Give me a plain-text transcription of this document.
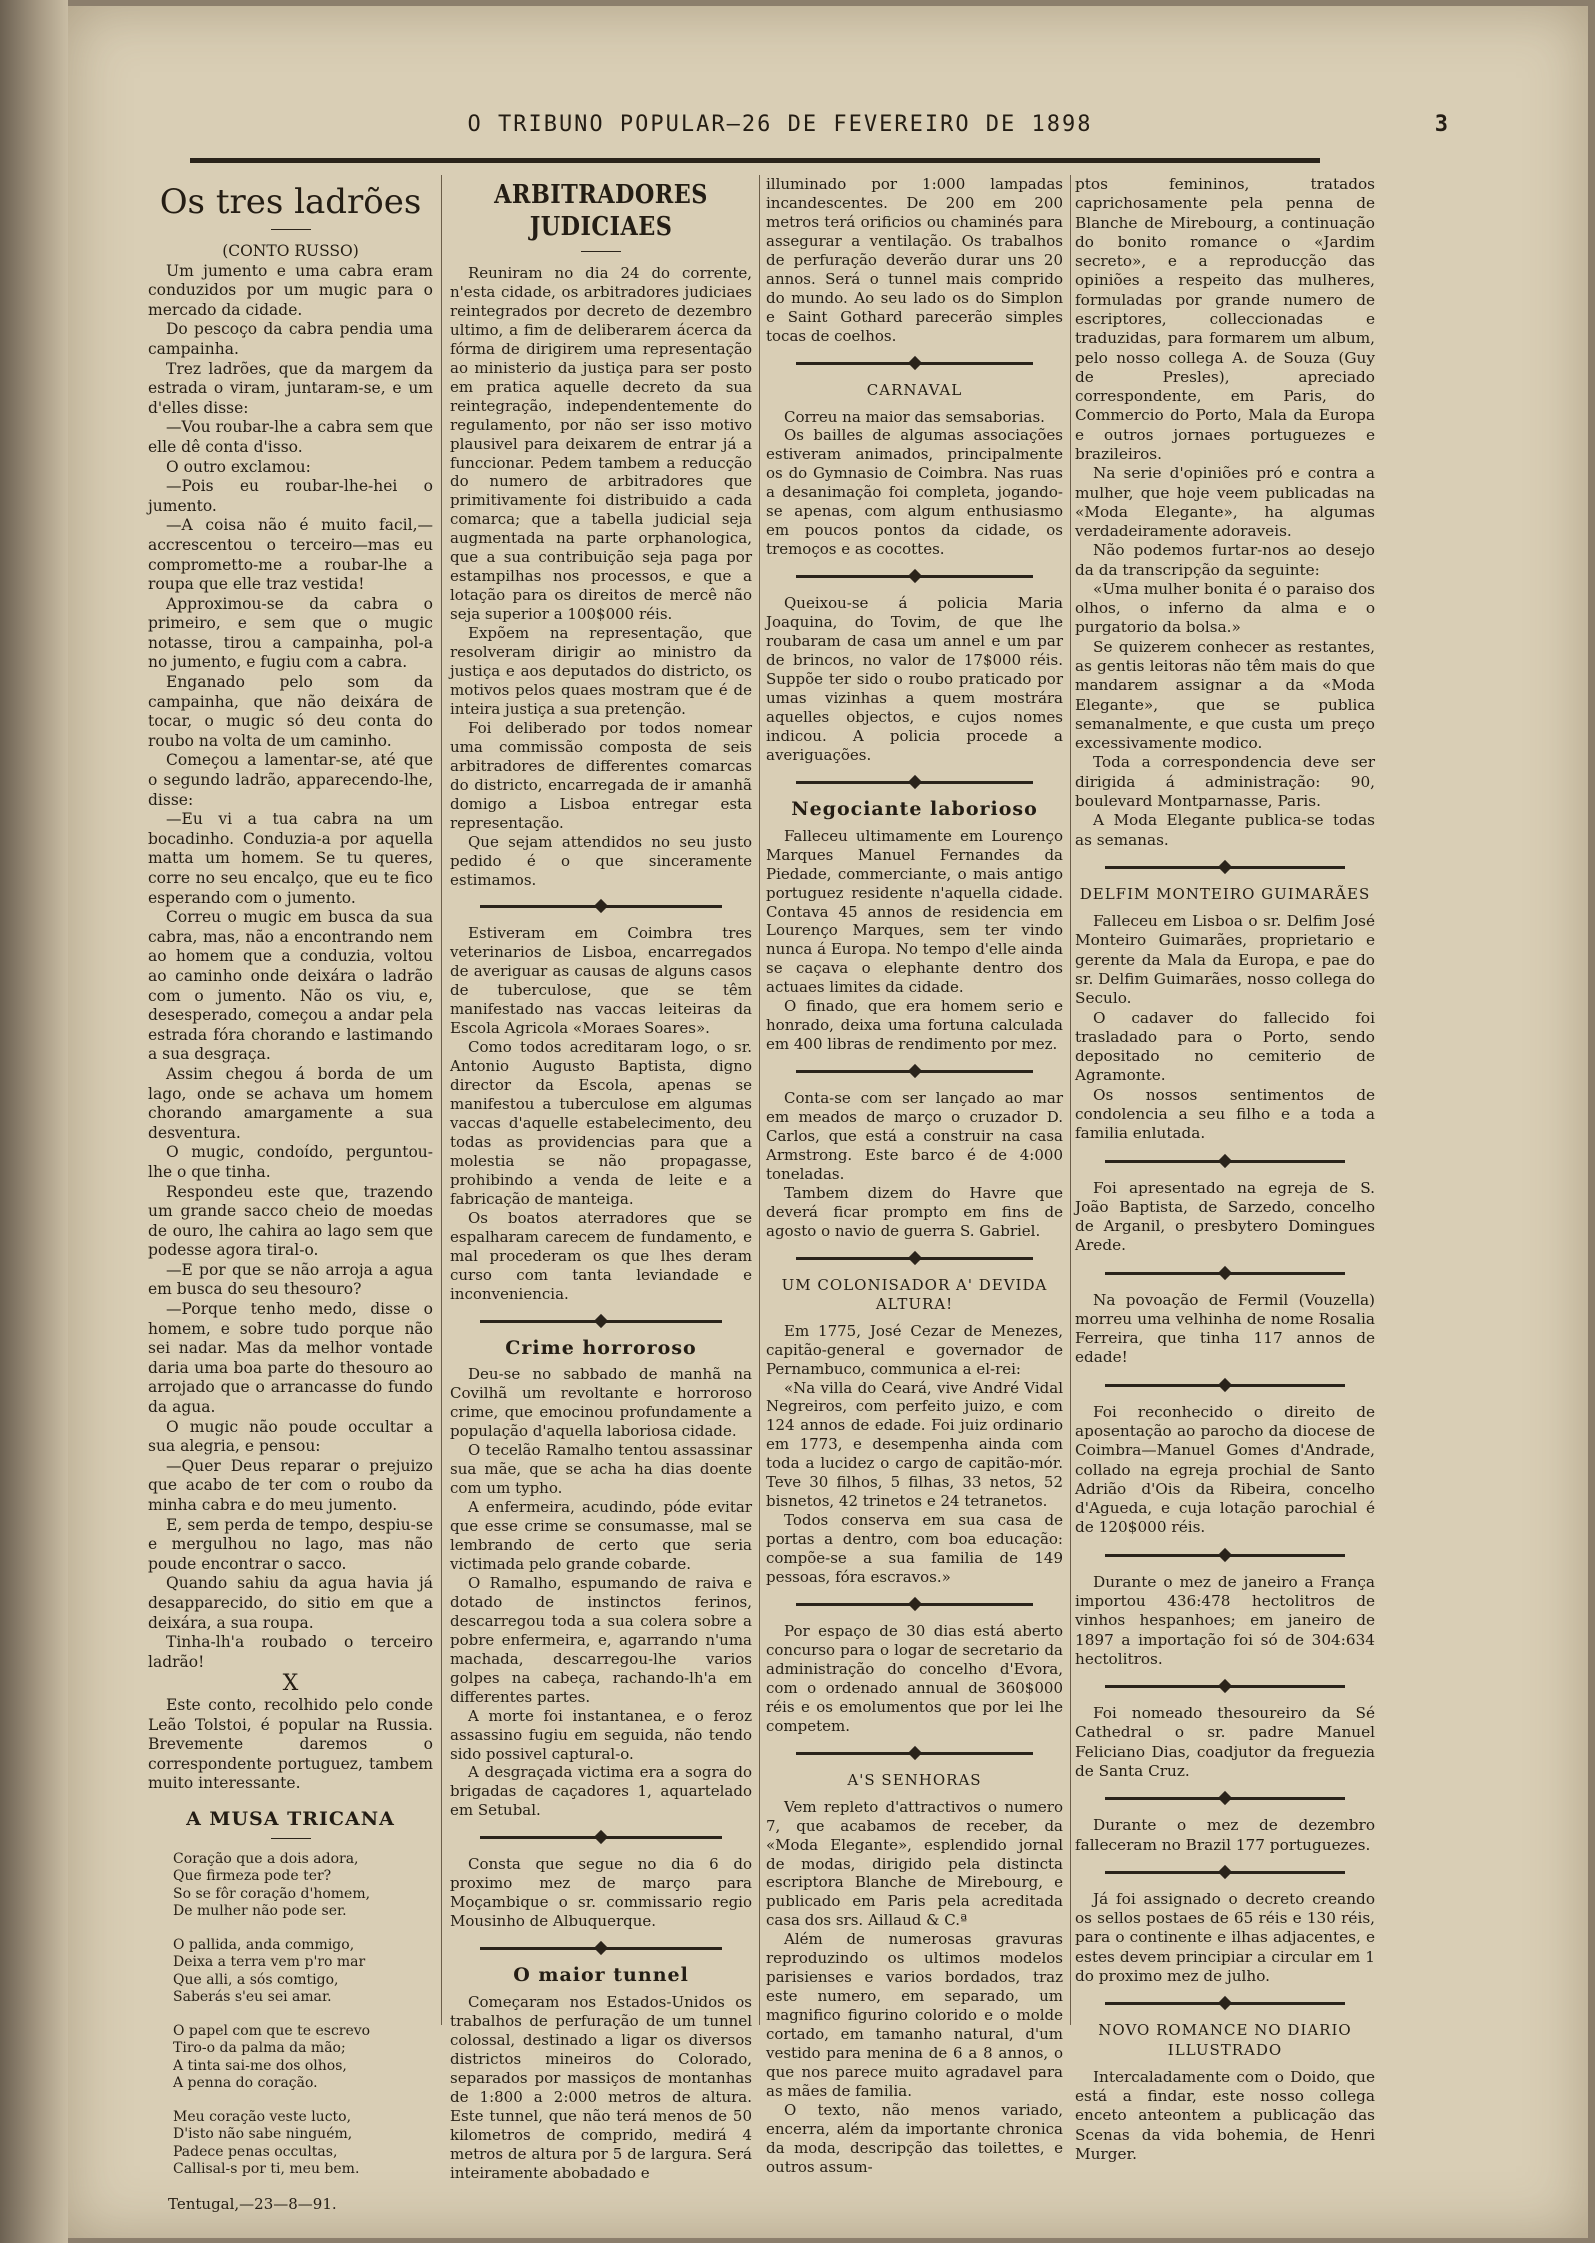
O TRIBUNO POPULAR—26 DE FEVEREIRO DE 1898	3
Os tres ladrões

(CONTO RUSSO)

Um jumento e uma cabra eram conduzidos por um mugic para o mercado da cidade.

Do pescoço da cabra pendia uma campainha.

Trez ladrões, que da margem da estrada o viram, juntaram-se, e um d'elles disse:

—Vou roubar-lhe a cabra sem que elle dê conta d'isso.

O outro exclamou:

—Pois eu roubar-lhe-hei o jumento.

—A coisa não é muito facil,—accrescentou o terceiro—mas eu comprometto-me a roubar-lhe a roupa que elle traz vestida!

Approximou-se da cabra o primeiro, e sem que o mugic notasse, tirou a campainha, pol-a no jumento, e fugiu com a cabra.

Enganado pelo som da campainha, que não deixára de tocar, o mugic só deu conta do roubo na volta de um caminho.

Começou a lamentar-se, até que o segundo ladrão, apparecendo-lhe, disse:

—Eu vi a tua cabra na um bocadinho. Conduzia-a por aquella matta um homem. Se tu queres, corre no seu encalço, que eu te fico esperando com o jumento.

Correu o mugic em busca da sua cabra, mas, não a encontrando nem ao homem que a conduzia, voltou ao caminho onde deixára o ladrão com o jumento. Não os viu, e, desesperado, começou a andar pela estrada fóra chorando e lastimando a sua desgraça.

Assim chegou á borda de um lago, onde se achava um homem chorando amargamente a sua desventura.

O mugic, condoído, perguntou-lhe o que tinha.

Respondeu este que, trazendo um grande sacco cheio de moedas de ouro, lhe cahira ao lago sem que podesse agora tiral-o.

—E por que se não arroja a agua em busca do seu thesouro?

—Porque tenho medo, disse o homem, e sobre tudo porque não sei nadar. Mas da melhor vontade daria uma boa parte do thesouro ao arrojado que o arrancasse do fundo da agua.

O mugic não poude occultar a sua alegria, e pensou:

—Quer Deus reparar o prejuizo que acabo de ter com o roubo da minha cabra e do meu jumento.

E, sem perda de tempo, despiu-se e mergulhou no lago, mas não poude encontrar o sacco.

Quando sahiu da agua havia já desapparecido, do sitio em que a deixára, a sua roupa.

Tinha-lh'a roubado o terceiro ladrão!

X

Este conto, recolhido pelo conde Leão Tolstoi, é popular na Russia. Brevemente daremos o correspondente portuguez, tambem muito interessante.

A MUSA TRICANA
Coração que a dois adora,
Que firmeza pode ter?
So se fôr coração d'homem,
De mulher não pode ser.
O pallida, anda commigo,
Deixa a terra vem p'ro mar
Que alli, a sós comtigo,
Saberás s'eu sei amar.
O papel com que te escrevo
Tiro-o da palma da mão;
A tinta sai-me dos olhos,
A penna do coração.
Meu coração veste lucto,
D'isto não sabe ninguém,
Padece penas occultas,
Callisal-s por ti, meu bem.
Tentugal,—23—8—91.
ARBITRADORES JUDICIAES

Reuniram no dia 24 do corrente, n'esta cidade, os arbitradores judiciaes reintegrados por decreto de dezembro ultimo, a fim de deliberarem ácerca da fórma de dirigirem uma representação ao ministerio da justiça para ser posto em pratica aquelle decreto da sua reintegração, independentemente do regulamento, por não ser isso motivo plausivel para deixarem de entrar já a funccionar. Pedem tambem a reducção do numero de arbitradores que primitivamente foi distribuido a cada comarca; que a tabella judicial seja augmentada na parte orphanologica, que a sua contribuição seja paga por estampilhas nos processos, e que a lotação para os direitos de mercê não seja superior a 100$000 réis.

Expõem na representação, que resolveram dirigir ao ministro da justiça e aos deputados do districto, os motivos pelos quaes mostram que é de inteira justiça a sua pretenção.

Foi deliberado por todos nomear uma commissão composta de seis arbitradores de differentes comarcas do districto, encarregada de ir amanhã domigo a Lisboa entregar esta representação.

Que sejam attendidos no seu justo pedido é o que sinceramente estimamos.

Estiveram em Coimbra tres veterinarios de Lisboa, encarregados de averiguar as causas de alguns casos de tuberculose, que se têm manifestado nas vaccas leiteiras da Escola Agricola «Moraes Soares».

Como todos acreditaram logo, o sr. Antonio Augusto Baptista, digno director da Escola, apenas se manifestou a tuberculose em algumas vaccas d'aquelle estabelecimento, deu todas as providencias para que a molestia se não propagasse, prohibindo a venda de leite e a fabricação de manteiga.

Os boatos aterradores que se espalharam carecem de fundamento, e mal procederam os que lhes deram curso com tanta leviandade e inconveniencia.

Crime horroroso

Deu-se no sabbado de manhã na Covilhã um revoltante e horroroso crime, que emocinou profundamente a população d'aquella laboriosa cidade.

O tecelão Ramalho tentou assassinar sua mãe, que se acha ha dias doente com um typho.

A enfermeira, acudindo, póde evitar que esse crime se consumasse, mal se lembrando de certo que seria victimada pelo grande cobarde.

O Ramalho, espumando de raiva e dotado de instinctos ferinos, descarregou toda a sua colera sobre a pobre enfermeira, e, agarrando n'uma machada, descarregou-lhe varios golpes na cabeça, rachando-lh'a em differentes partes.

A morte foi instantanea, e o feroz assassino fugiu em seguida, não tendo sido possivel captural-o.

A desgraçada victima era a sogra do brigadas de caçadores 1, aquartelado em Setubal.

Consta que segue no dia 6 do proximo mez de março para Moçambique o sr. commissario regio Mousinho de Albuquerque.

O maior tunnel

Começaram nos Estados-Unidos os trabalhos de perfuração de um tunnel colossal, destinado a ligar os diversos districtos mineiros do Colorado, separados por massiços de montanhas de 1:800 a 2:000 metros de altura. Este tunnel, que não terá menos de 50 kilometros de comprido, medirá 4 metros de altura por 5 de largura. Será inteiramente abobadado e

illuminado por 1:000 lampadas incandescentes. De 200 em 200 metros terá orificios ou chaminés para assegurar a ventilação. Os trabalhos de perfuração deverão durar uns 20 annos. Será o tunnel mais comprido do mundo. Ao seu lado os do Simplon e Saint Gothard parecerão simples tocas de coelhos.

CARNAVAL

Correu na maior das semsaborias.

Os bailles de algumas associações estiveram animados, principalmente os do Gymnasio de Coimbra. Nas ruas a desanimação foi completa, jogando-se apenas, com algum enthusiasmo em poucos pontos da cidade, os tremoços e as cocottes.

Queixou-se á policia Maria Joaquina, do Tovim, de que lhe roubaram de casa um annel e um par de brincos, no valor de 17$000 réis. Suppõe ter sido o roubo praticado por umas vizinhas a quem mostrára aquelles objectos, e cujos nomes indicou. A policia procede a averiguações.

Negociante laborioso

Falleceu ultimamente em Lourenço Marques Manuel Fernandes da Piedade, commerciante, o mais antigo portuguez residente n'aquella cidade. Contava 45 annos de residencia em Lourenço Marques, sem ter vindo nunca á Europa. No tempo d'elle ainda se caçava o elephante dentro dos actuaes limites da cidade.

O finado, que era homem serio e honrado, deixa uma fortuna calculada em 400 libras de rendimento por mez.

Conta-se com ser lançado ao mar em meados de março o cruzador D. Carlos, que está a construir na casa Armstrong. Este barco é de 4:000 toneladas.

Tambem dizem do Havre que deverá ficar prompto em fins de agosto o navio de guerra S. Gabriel.

UM COLONISADOR A' DEVIDA ALTURA!

Em 1775, José Cezar de Menezes, capitão-general e governador de Pernambuco, communica a el-rei:

«Na villa do Ceará, vive André Vidal Negreiros, com perfeito juizo, e com 124 annos de edade. Foi juiz ordinario em 1773, e desempenha ainda com toda a lucidez o cargo de capitão-mór. Teve 30 filhos, 5 filhas, 33 netos, 52 bisnetos, 42 trinetos e 24 tetranetos.

Todos conserva em sua casa de portas a dentro, com boa educação: compõe-se a sua familia de 149 pessoas, fóra escravos.»

Por espaço de 30 dias está aberto concurso para o logar de secretario da administração do concelho d'Evora, com o ordenado annual de 360$000 réis e os emolumentos que por lei lhe competem.

A'S SENHORAS

Vem repleto d'attractivos o numero 7, que acabamos de receber, da «Moda Elegante», esplendido jornal de modas, dirigido pela distincta escriptora Blanche de Mirebourg, e publicado em Paris pela acreditada casa dos srs. Aillaud & C.ª

Além de numerosas gravuras reproduzindo os ultimos modelos parisienses e varios bordados, traz este numero, em separado, um magnifico figurino colorido e o molde cortado, em tamanho natural, d'um vestido para menina de 6 a 8 annos, o que nos parece muito agradavel para as mães de familia.

O texto, não menos variado, encerra, além da importante chronica da moda, descripção das toilettes, e outros assum-

ptos femininos, tratados caprichosamente pela penna de Blanche de Mirebourg, a continuação do bonito romance o «Jardim secreto», e a reproducção das opiniões a respeito das mulheres, formuladas por grande numero de escriptores, colleccionadas e traduzidas, para formarem um album, pelo nosso collega A. de Souza (Guy de Presles), apreciado correspondente, em Paris, do Commercio do Porto, Mala da Europa e outros jornaes portuguezes e brazileiros.

Na serie d'opiniões pró e contra a mulher, que hoje veem publicadas na «Moda Elegante», ha algumas verdadeiramente adoraveis.

Não podemos furtar-nos ao desejo da da transcripção da seguinte:

«Uma mulher bonita é o paraiso dos olhos, o inferno da alma e o purgatorio da bolsa.»

Se quizerem conhecer as restantes, as gentis leitoras não têm mais do que mandarem assignar a da «Moda Elegante», que se publica semanalmente, e que custa um preço excessivamente modico.

Toda a correspondencia deve ser dirigida á administração: 90, boulevard Montparnasse, Paris.

A Moda Elegante publica-se todas as semanas.

DELFIM MONTEIRO GUIMARÃES

Falleceu em Lisboa o sr. Delfim José Monteiro Guimarães, proprietario e gerente da Mala da Europa, e pae do sr. Delfim Guimarães, nosso collega do Seculo.

O cadaver do fallecido foi trasladado para o Porto, sendo depositado no cemiterio de Agramonte.

Os nossos sentimentos de condolencia a seu filho e a toda a familia enlutada.

Foi apresentado na egreja de S. João Baptista, de Sarzedo, concelho de Arganil, o presbytero Domingues Arede.

Na povoação de Fermil (Vouzella) morreu uma velhinha de nome Rosalia Ferreira, que tinha 117 annos de edade!

Foi reconhecido o direito de aposentação ao parocho da diocese de Coimbra—Manuel Gomes d'Andrade, collado na egreja prochial de Santo Adrião d'Ois da Ribeira, concelho d'Agueda, e cuja lotação parochial é de 120$000 réis.

Durante o mez de janeiro a França importou 436:478 hectolitros de vinhos hespanhoes; em janeiro de 1897 a importação foi só de 304:634 hectolitros.

Foi nomeado thesoureiro da Sé Cathedral o sr. padre Manuel Feliciano Dias, coadjutor da freguezia de Santa Cruz.

Durante o mez de dezembro falleceram no Brazil 177 portuguezes.

Já foi assignado o decreto creando os sellos postaes de 65 réis e 130 réis, para o continente e ilhas adjacentes, e estes devem principiar a circular em 1 do proximo mez de julho.

NOVO ROMANCE NO DIARIO ILLUSTRADO

Intercaladamente com o Doido, que está a findar, este nosso collega enceto anteontem a publicação das Scenas da vida bohemia, de Henri Murger.
